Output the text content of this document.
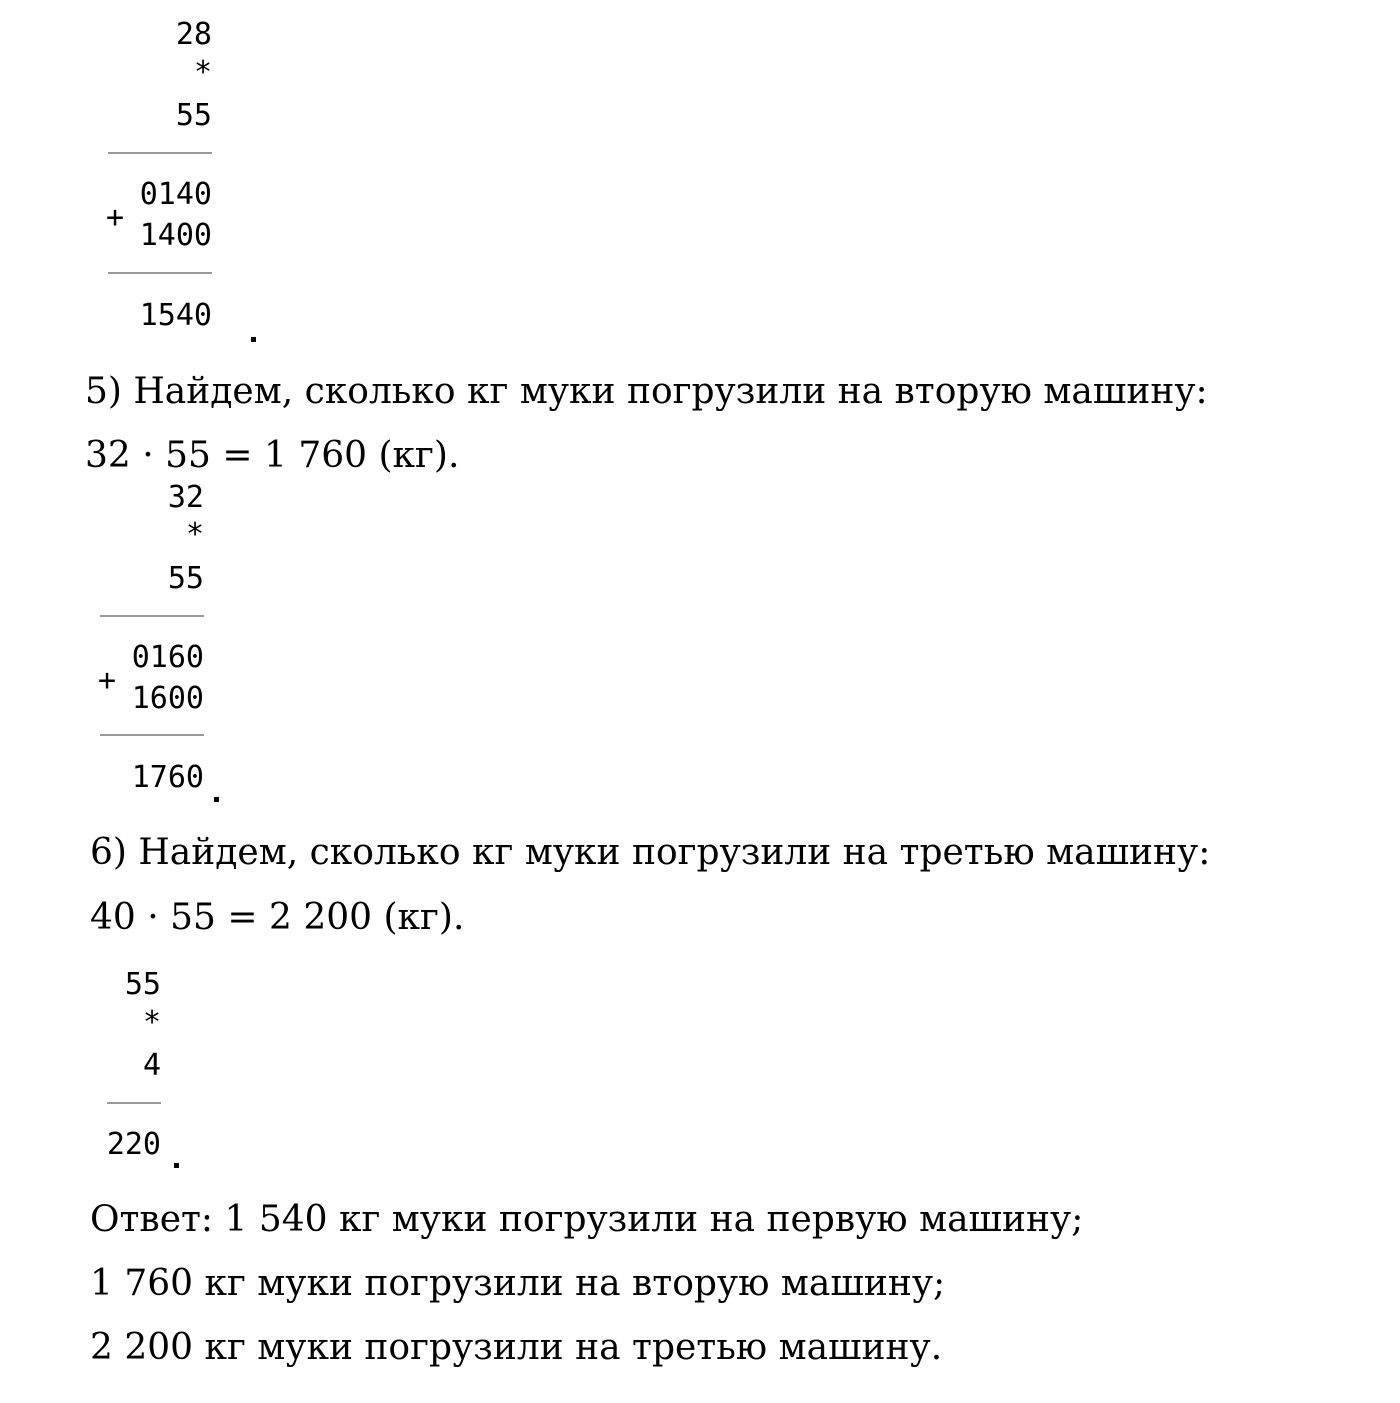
28
*
55
0140
+
1400
1540
5) Найдем, сколько кг муки погрузили на вторую машину:
32 · 55 = 1 760 (кг).
32
*
55
0160
+
1600
1760
6) Найдем, сколько кг муки погрузили на третью машину:
40 · 55 = 2 200 (кг).
55
*
4
220
Ответ: 1 540 кг муки погрузили на первую машину;
1 760 кг муки погрузили на вторую машину;
2 200 кг муки погрузили на третью машину.
